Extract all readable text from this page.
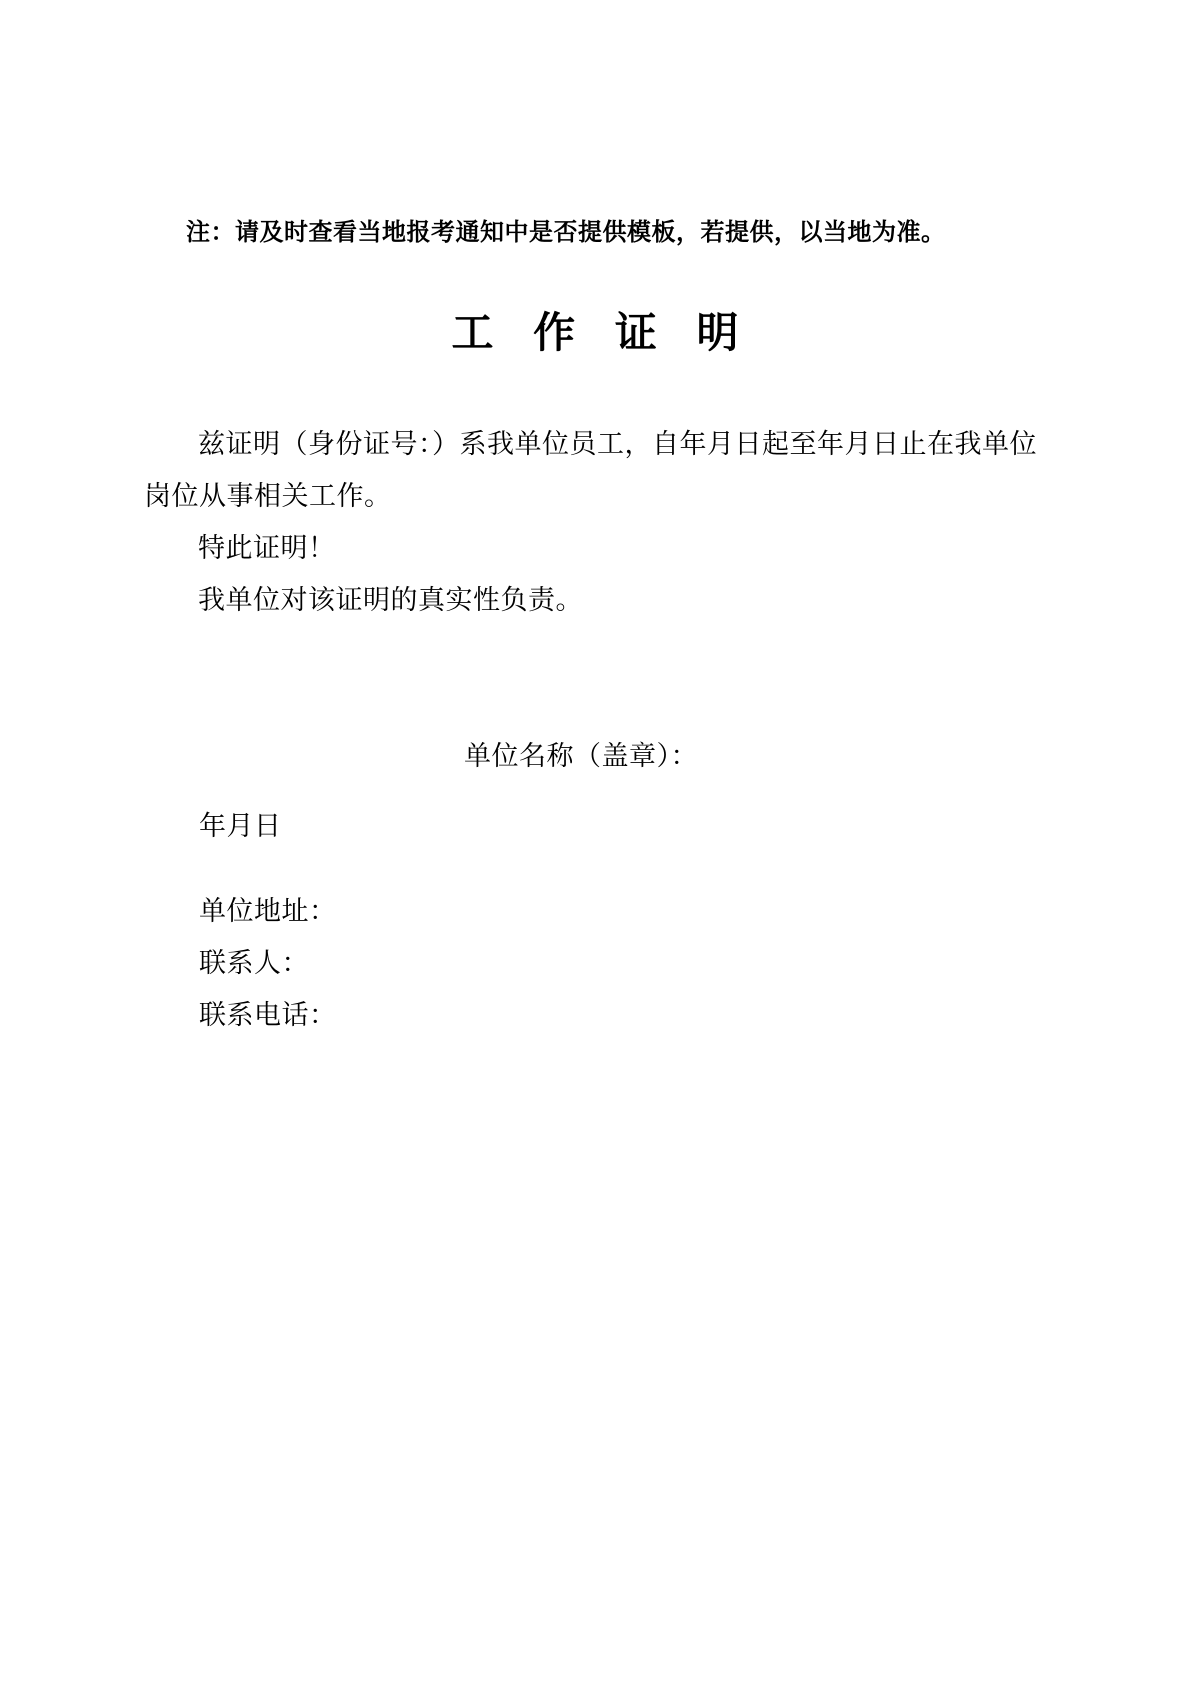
注：请及时查看当地报考通知中是否提供模板，若提供，以当地为准。
工 作 证 明

兹证明（身份证号：）系我单位员工，自年月日起至年月日止在我单位 岗位从事相关工作。

特此证明！

我单位对该证明的真实性负责。

单位名称（盖章）：

年月日

单位地址：

联系人：

联系电话：
